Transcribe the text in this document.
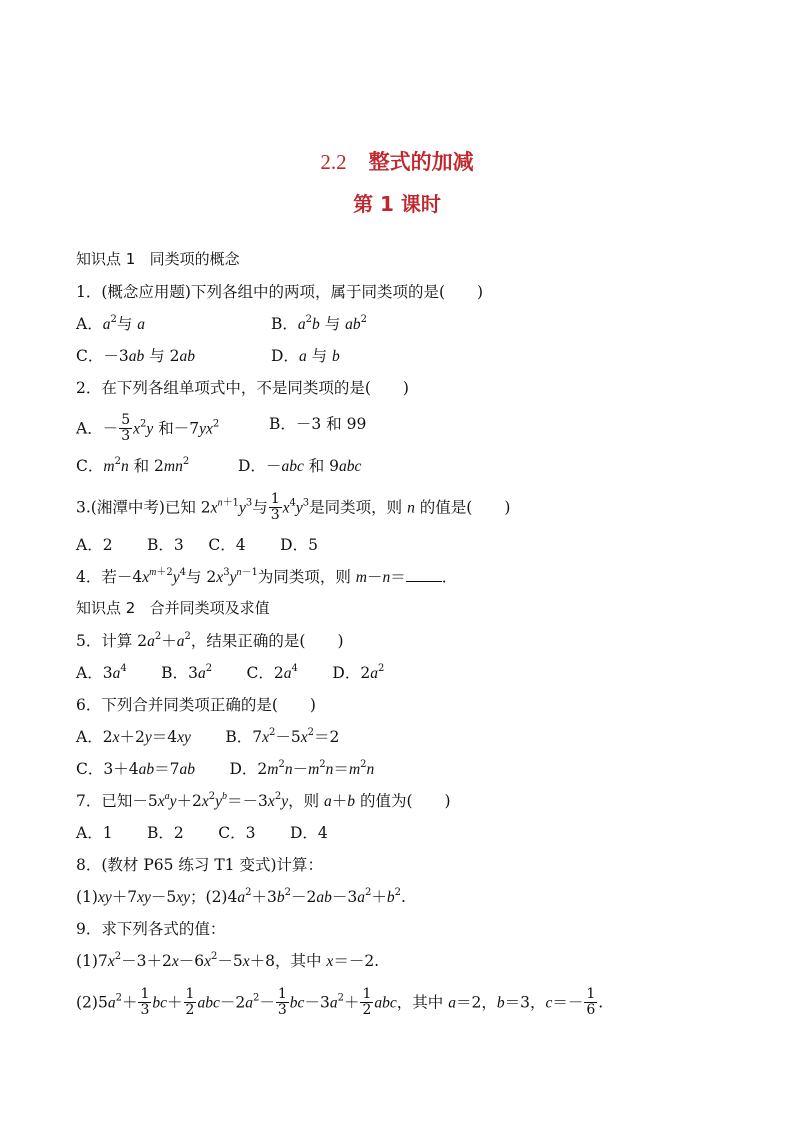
2.2 整式的加减
第 1 课时
知识点 1 同类项的概念
1．(概念应用题)下列各组中的两项，属于同类项的是( )
A．$a^2$与 a	B．$a^2b$ 与 $ab^2$
C．－3ab 与 2ab	D．a 与 b
2．在下列各组单项式中，不是同类项的是( )
A．－ $\frac{5}{3} x^2y$ 和$-7yx^2$	B．－3 和 99
C．$m^2n$ 和 $2mn^2$	D．－abc 和 9abc
3.(湘潭中考)已知 $2x^{n+1}y^3$与 $\frac{1}{3} x^4y^3$是同类项，则 n 的值是( )
A．2       B．3     C．4       D．5
4．若$-4x^{m+2}y^4$与 $2x^3y^{n-1}$为同类项，则 m－n＝ ．
知识点 2 合并同类项及求值
5．计算 $2a^2+a^2$，结果正确的是( )
A．$3a^4$       B．$3a^2$       C．$2a^4$       D．$2a^2$
6．下列合并同类项正确的是( )
A．2x＋2y＝4xy       B．$7x^2-5x^2=2$
C．3＋4ab＝7ab       D．$2m^2n-m^2n=m^2n$
7．已知$-5x^ay+2x^2y^b=-3x^2y$，则 a＋b 的值为( )
A．1       B．2       C．3       D．4
8．(教材 P65 练习 T1 变式)计算：
(1)xy＋7xy－5xy；$(2)4a^2+3b^2-2ab-3a^2+b^2$.
9．求下列各式的值：
$(1)7x^2-3+2x-6x^2-5x+8$，其中 x＝－2.
$(2)5a^2+ \frac{1}{3} bc+ \frac{1}{2} abc-2a^2- \frac{1}{3} bc-3a^2+ \frac{1}{2}$ abc，其中 a＝2，b＝3，$c=- \frac{1}{6}$ .
